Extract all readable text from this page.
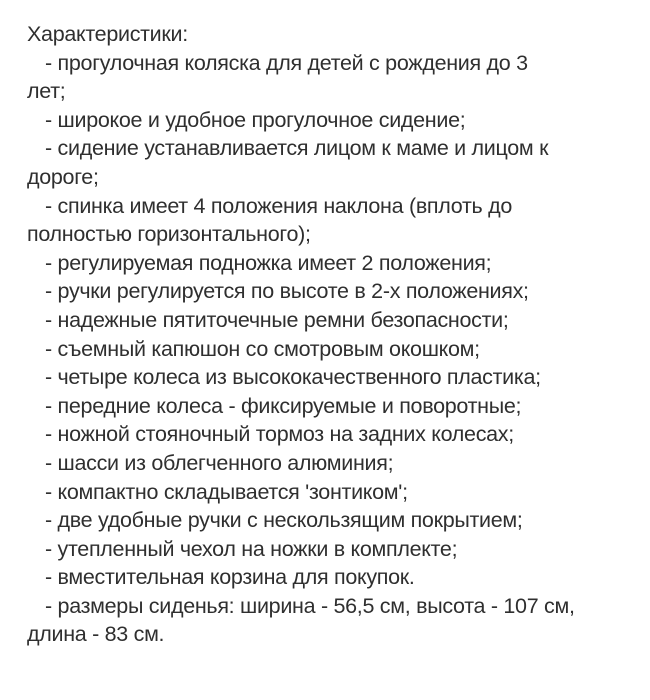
Характеристики:
- прогулочная коляска для детей с рождения до 3
лет;
- широкое и удобное прогулочное сидение;
- сидение устанавливается лицом к маме и лицом к
дороге;
- спинка имеет 4 положения наклона (вплоть до
полностью горизонтального);
- регулируемая подножка имеет 2 положения;
- ручки регулируется по высоте в 2-х положениях;
- надежные пятиточечные ремни безопасности;
- съемный капюшон со смотровым окошком;
- четыре колеса из высококачественного пластика;
- передние колеса - фиксируемые и поворотные;
- ножной стояночный тормоз на задних колесах;
- шасси из облегченного алюминия;
- компактно складывается 'зонтиком';
- две удобные ручки с нескользящим покрытием;
- утепленный чехол на ножки в комплекте;
- вместительная корзина для покупок.
- размеры сиденья: ширина - 56,5 см, высота - 107 см,
длина - 83 см.
